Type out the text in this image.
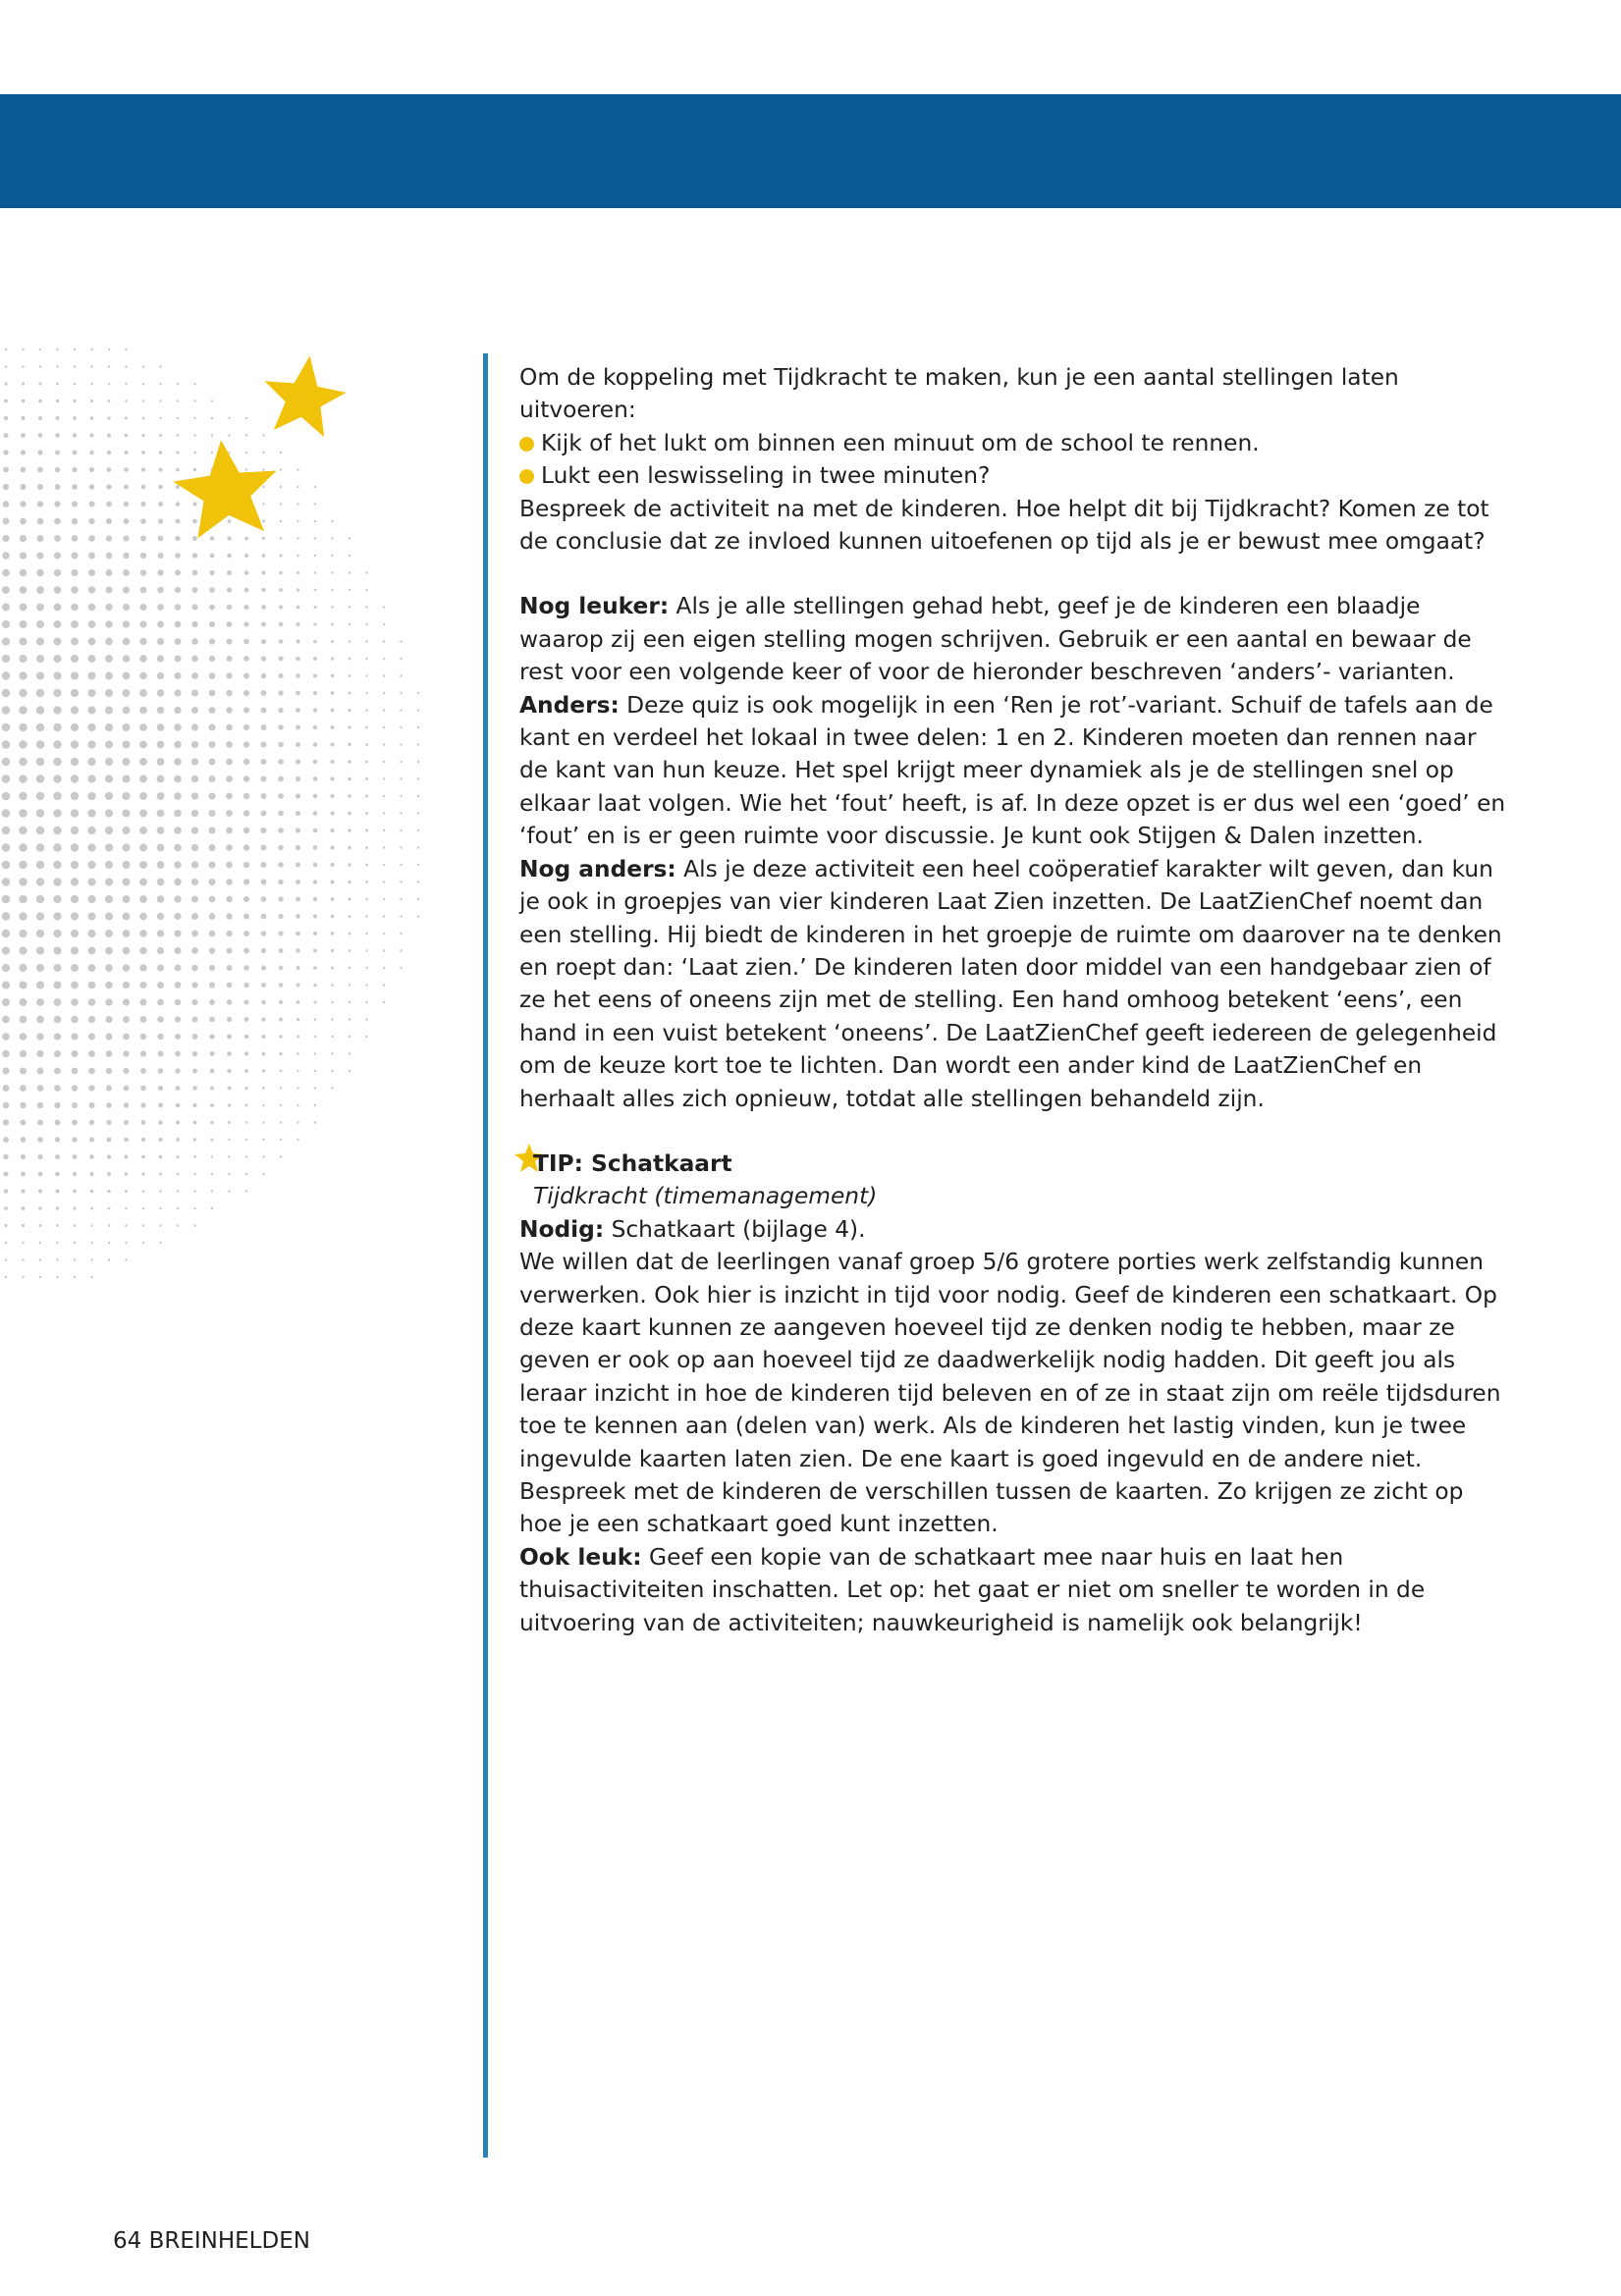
Om de koppeling met Tijdkracht te maken, kun je een aantal stellingen laten uitvoeren:

Kijk of het lukt om binnen een minuut om de school te rennen.

Lukt een leswisseling in twee minuten?

Bespreek de activiteit na met de kinderen. Hoe helpt dit bij Tijdkracht? Komen ze tot de conclusie dat ze invloed kunnen uitoefenen op tijd als je er bewust mee omgaat?

Nog leuker: Als je alle stellingen gehad hebt, geef je de kinderen een blaadje waarop zij een eigen stelling mogen schrijven. Gebruik er een aantal en bewaar de rest voor een volgende keer of voor de hieronder beschreven ‘anders’- varianten.

Anders: Deze quiz is ook mogelijk in een ‘Ren je rot’-variant. Schuif de tafels aan de kant en verdeel het lokaal in twee delen: 1 en 2. Kinderen moeten dan rennen naar de kant van hun keuze. Het spel krijgt meer dynamiek als je de stellingen snel op elkaar laat volgen. Wie het ‘fout’ heeft, is af. In deze opzet is er dus wel een ‘goed’ en ‘fout’ en is er geen ruimte voor discussie. Je kunt ook Stijgen & Dalen inzetten.

Nog anders: Als je deze activiteit een heel coöperatief karakter wilt geven, dan kun je ook in groepjes van vier kinderen Laat Zien inzetten. De LaatZienChef noemt dan een stelling. Hij biedt de kinderen in het groepje de ruimte om daarover na te denken en roept dan: ‘Laat zien.’ De kinderen laten door middel van een handgebaar zien of ze het eens of oneens zijn met de stelling. Een hand omhoog betekent ‘eens’, een hand in een vuist betekent ‘oneens’. De LaatZienChef geeft iedereen de gelegenheid om de keuze kort toe te lichten. Dan wordt een ander kind de LaatZienChef en herhaalt alles zich opnieuw, totdat alle stellingen behandeld zijn.

TIP: Schatkaart

Tijdkracht (timemanagement)

Nodig: Schatkaart (bijlage 4).

We willen dat de leerlingen vanaf groep 5/6 grotere porties werk zelfstandig kunnen verwerken. Ook hier is inzicht in tijd voor nodig. Geef de kinderen een schatkaart. Op deze kaart kunnen ze aangeven hoeveel tijd ze denken nodig te hebben, maar ze geven er ook op aan hoeveel tijd ze daadwerkelijk nodig hadden. Dit geeft jou als leraar inzicht in hoe de kinderen tijd beleven en of ze in staat zijn om reële tijdsduren toe te kennen aan (delen van) werk. Als de kinderen het lastig vinden, kun je twee ingevulde kaarten laten zien. De ene kaart is goed ingevuld en de andere niet. Bespreek met de kinderen de verschillen tussen de kaarten. Zo krijgen ze zicht op hoe je een schatkaart goed kunt inzetten.

Ook leuk: Geef een kopie van de schatkaart mee naar huis en laat hen thuisactiviteiten inschatten. Let op: het gaat er niet om sneller te worden in de uitvoering van de activiteiten; nauwkeurigheid is namelijk ook belangrijk!

64 BREINHELDEN
